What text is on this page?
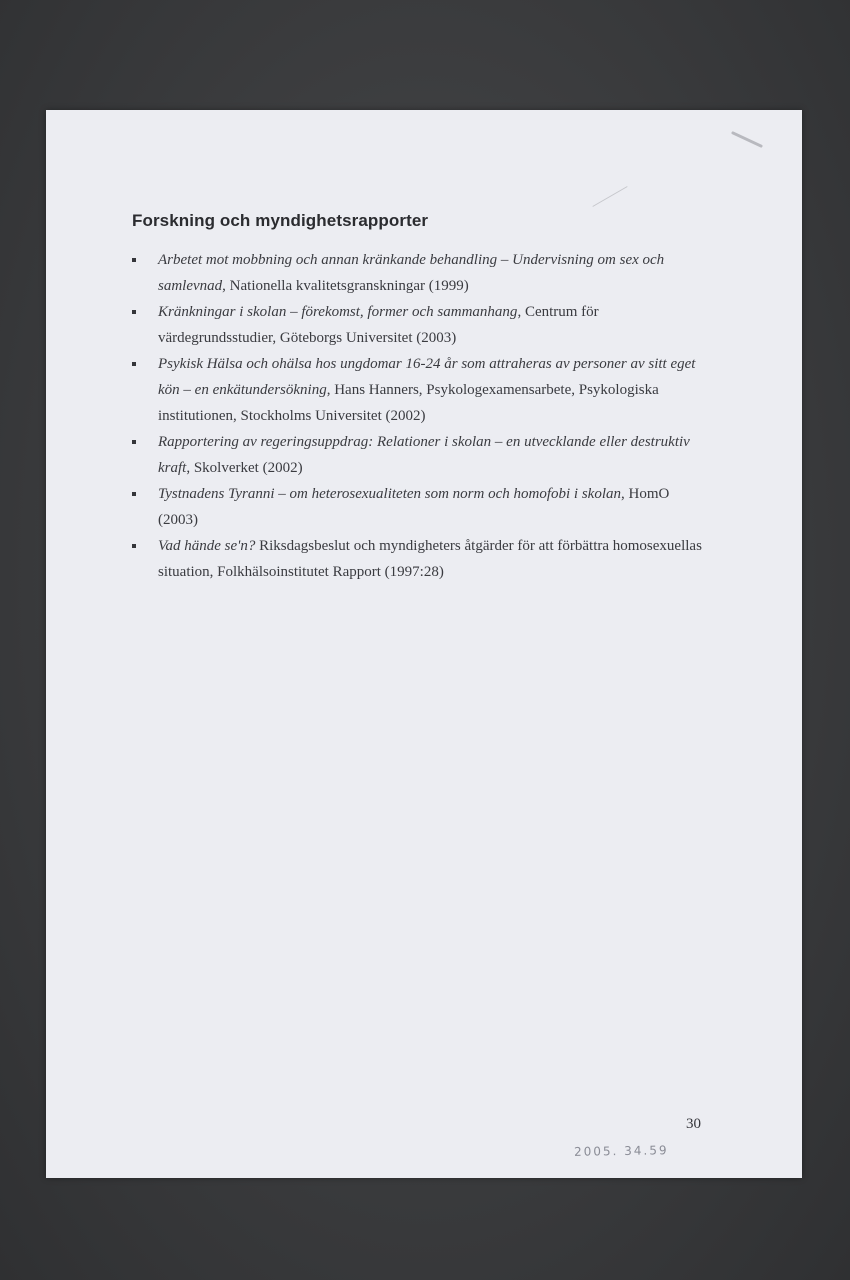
Forskning och myndighetsrapporter
Arbetet mot mobbning och annan kränkande behandling – Undervisning om sex och samlevnad, Nationella kvalitetsgranskningar (1999)
Kränkningar i skolan – förekomst, former och sammanhang, Centrum för värdegrundsstudier, Göteborgs Universitet (2003)
Psykisk Hälsa och ohälsa hos ungdomar 16-24 år som attraheras av personer av sitt eget kön – en enkätundersökning, Hans Hanners, Psykologexamensarbete, Psykologiska institutionen, Stockholms Universitet (2002)
Rapportering av regeringsuppdrag: Relationer i skolan – en utvecklande eller destruktiv kraft, Skolverket (2002)
Tystnadens Tyranni – om heterosexualiteten som norm och homofobi i skolan, HomO (2003)
Vad hände se'n? Riksdagsbeslut och myndigheters åtgärder för att förbättra homosexuellas situation, Folkhälsoinstitutet Rapport (1997:28)
30
2005. 34.59
